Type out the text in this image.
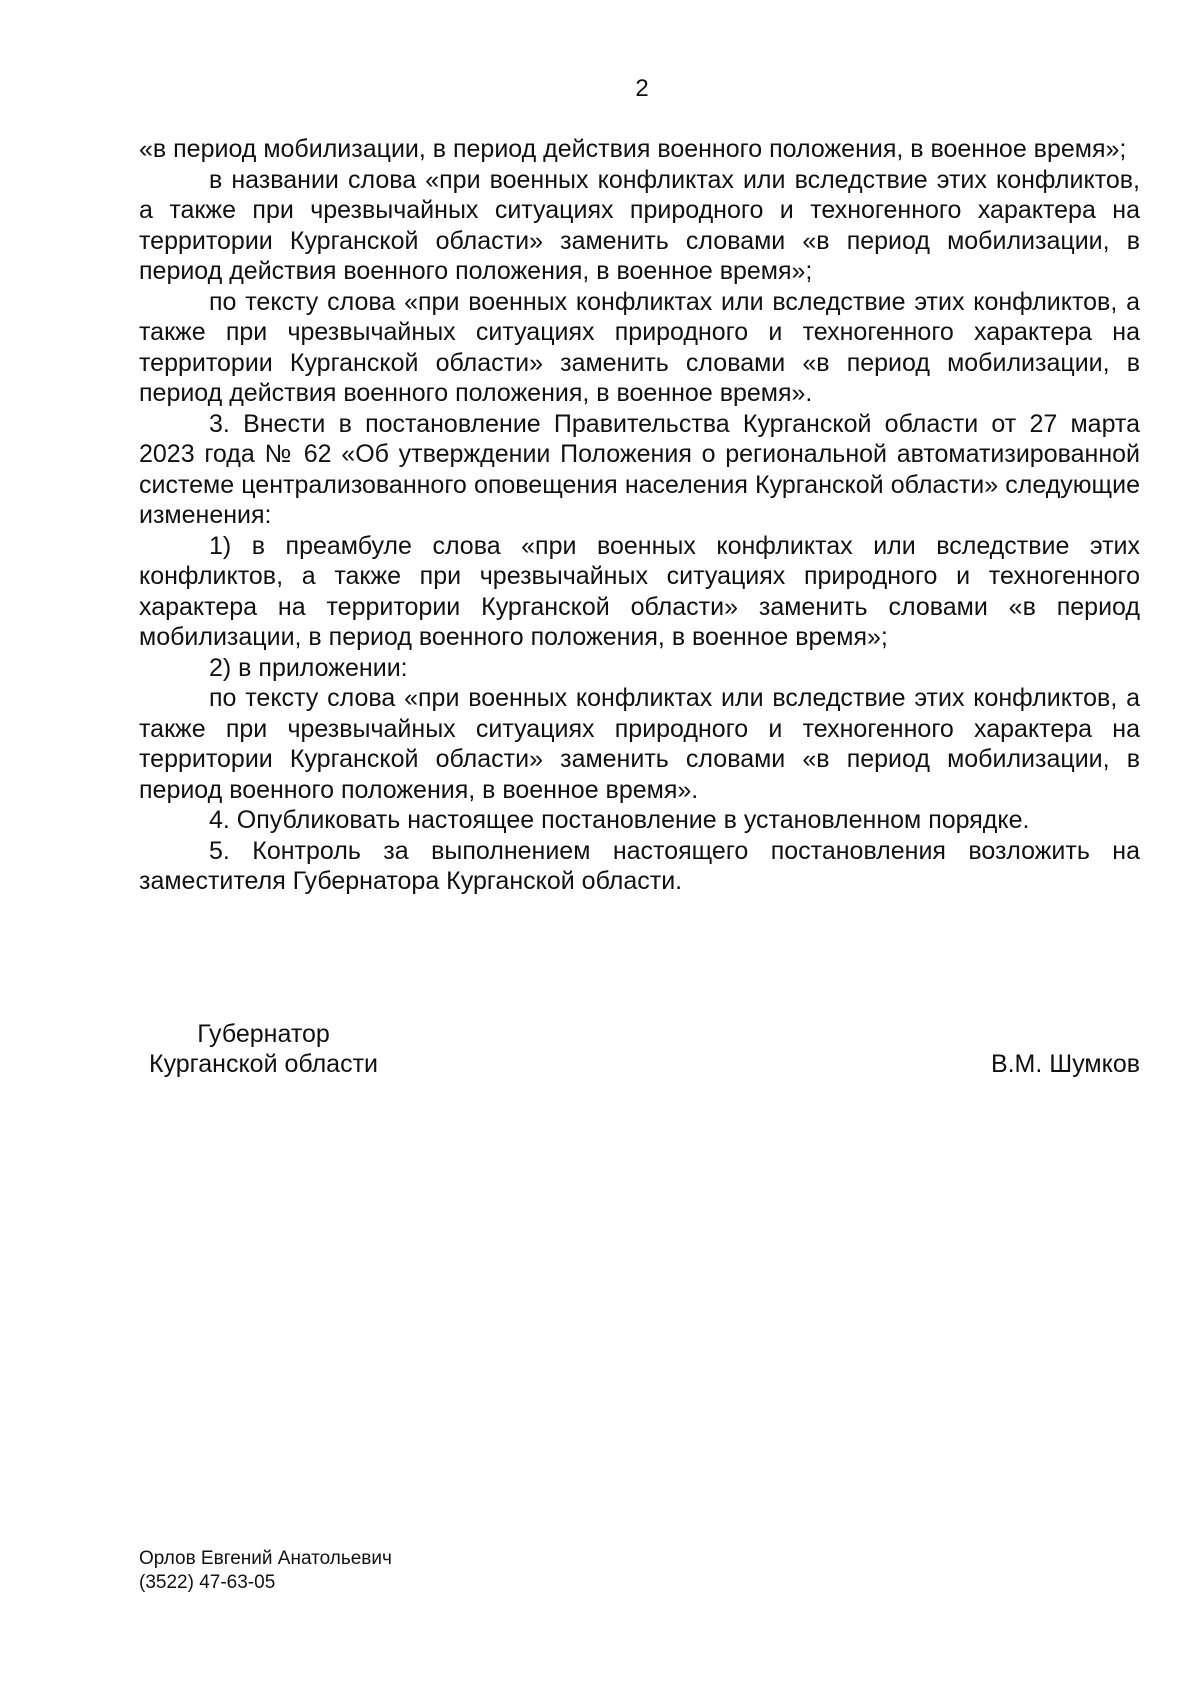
2

«в период мобилизации, в период действия военного положения, в военное время»;

в названии слова «при военных конфликтах или вследствие этих конфликтов, а также при чрезвычайных ситуациях природного и техногенного характера на территории Курганской области» заменить словами «в период мобилизации, в период действия военного положения, в военное время»;

по тексту слова «при военных конфликтах или вследствие этих конфликтов, а также при чрезвычайных ситуациях природного и техногенного характера на территории Курганской области» заменить словами «в период мобилизации, в период действия военного положения, в военное время».

3. Внести в постановление Правительства Курганской области от 27 марта 2023 года № 62 «Об утверждении Положения о региональной автоматизированной системе централизованного оповещения населения Курганской области» следующие изменения:

1) в преамбуле слова «при военных конфликтах или вследствие этих конфликтов, а также при чрезвычайных ситуациях природного и техногенного характера на территории Курганской области» заменить словами «в период мобилизации, в период военного положения, в военное время»;

2) в приложении:

по тексту слова «при военных конфликтах или вследствие этих конфликтов, а также при чрезвычайных ситуациях природного и техногенного характера на территории Курганской области» заменить словами «в период мобилизации, в период военного положения, в военное время».

4. Опубликовать настоящее постановление в установленном порядке.

5. Контроль за выполнением настоящего постановления возложить на заместителя Губернатора Курганской области.

Губернатор
Курганской области	В.М. Шумков
Орлов Евгений Анатольевич
(3522) 47-63-05
